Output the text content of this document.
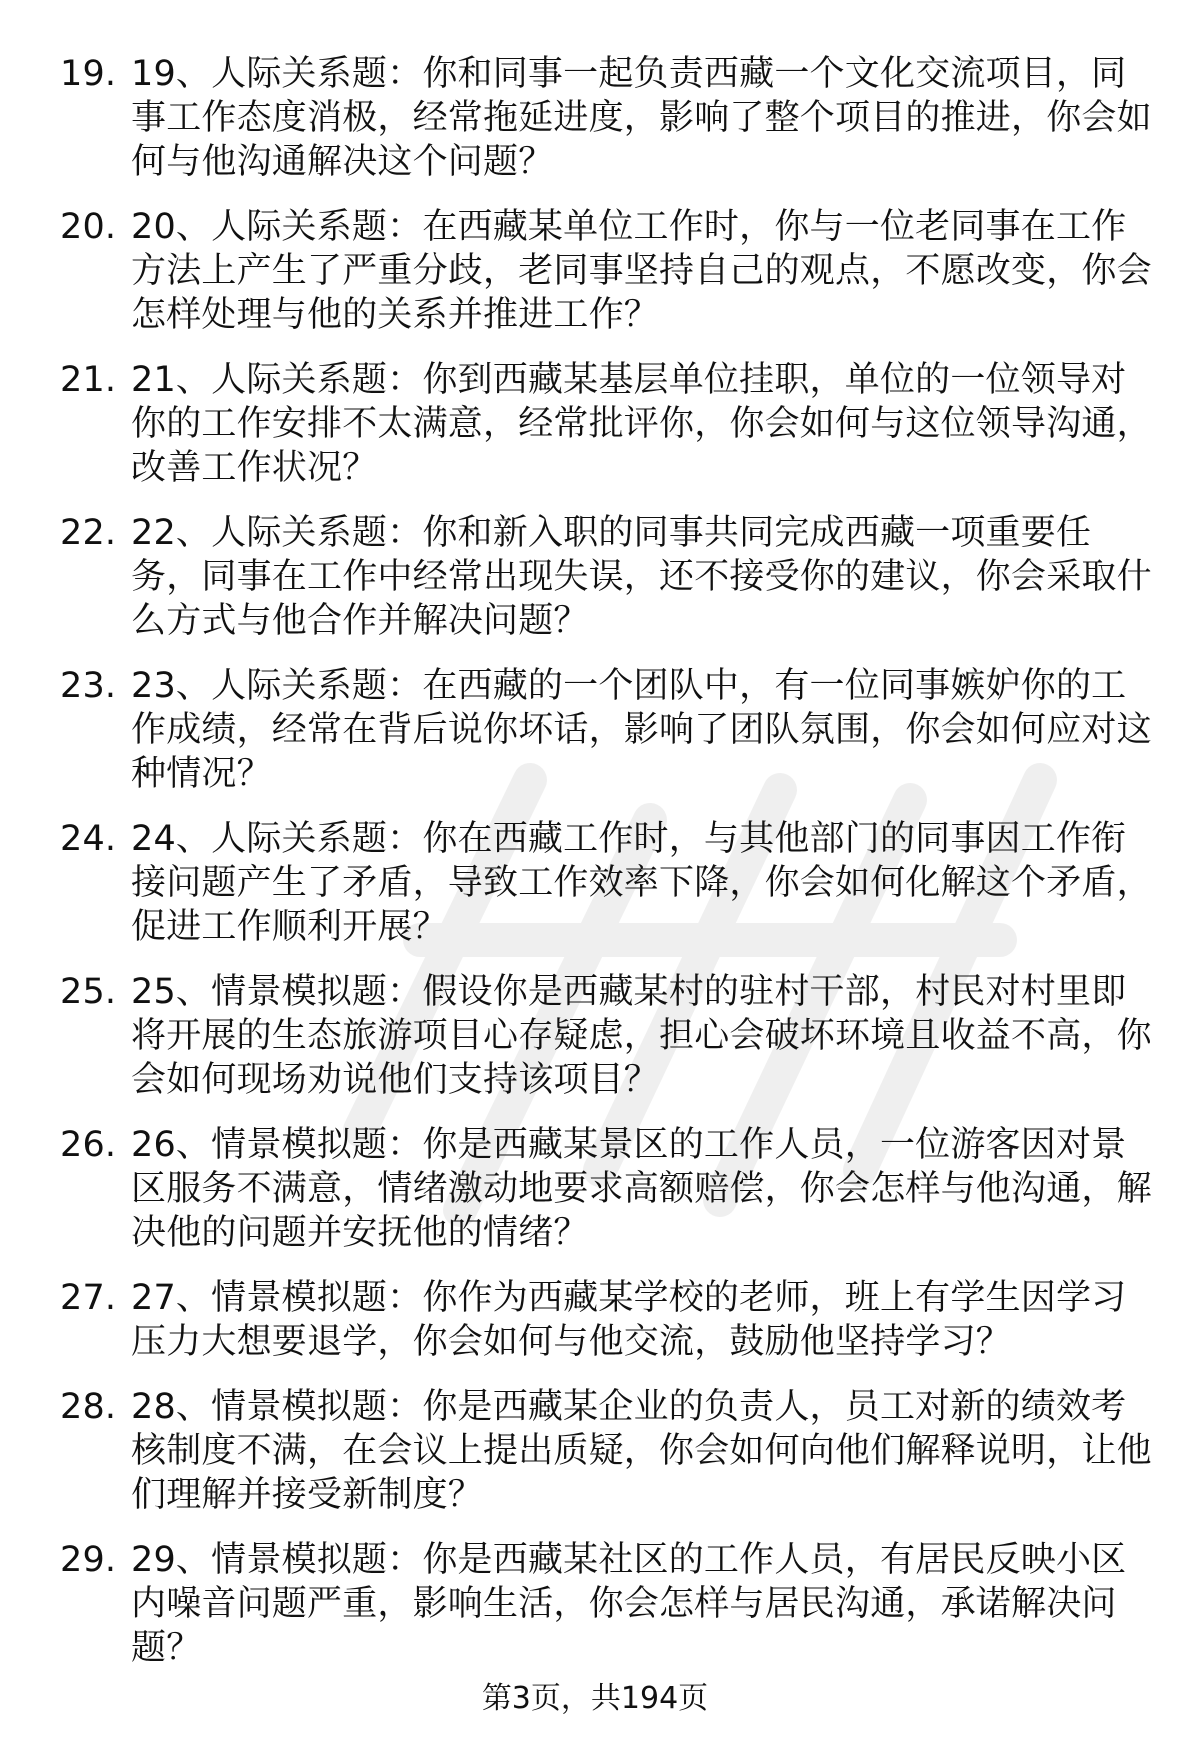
19. 19、人际关系题：你和同事一起负责西藏一个文化交流项目，同事工作态度消极，经常拖延进度，影响了整个项目的推进，你会如何与他沟通解决这个问题？
20. 20、人际关系题：在西藏某单位工作时，你与一位老同事在工作方法上产生了严重分歧，老同事坚持自己的观点，不愿改变，你会怎样处理与他的关系并推进工作？
21. 21、人际关系题：你到西藏某基层单位挂职，单位的一位领导对你的工作安排不太满意，经常批评你，你会如何与这位领导沟通，改善工作状况？
22. 22、人际关系题：你和新入职的同事共同完成西藏一项重要任务，同事在工作中经常出现失误，还不接受你的建议，你会采取什么方式与他合作并解决问题？
23. 23、人际关系题：在西藏的一个团队中，有一位同事嫉妒你的工作成绩，经常在背后说你坏话，影响了团队氛围，你会如何应对这种情况？
24. 24、人际关系题：你在西藏工作时，与其他部门的同事因工作衔接问题产生了矛盾，导致工作效率下降，你会如何化解这个矛盾，促进工作顺利开展？
25. 25、情景模拟题：假设你是西藏某村的驻村干部，村民对村里即将开展的生态旅游项目心存疑虑，担心会破坏环境且收益不高，你会如何现场劝说他们支持该项目？
26. 26、情景模拟题：你是西藏某景区的工作人员，一位游客因对景区服务不满意，情绪激动地要求高额赔偿，你会怎样与他沟通，解决他的问题并安抚他的情绪？
27. 27、情景模拟题：你作为西藏某学校的老师，班上有学生因学习压力大想要退学，你会如何与他交流，鼓励他坚持学习？
28. 28、情景模拟题：你是西藏某企业的负责人，员工对新的绩效考核制度不满，在会议上提出质疑，你会如何向他们解释说明，让他们理解并接受新制度？
29. 29、情景模拟题：你是西藏某社区的工作人员，有居民反映小区内噪音问题严重，影响生活，你会怎样与居民沟通，承诺解决问题？
第3页，共194页
